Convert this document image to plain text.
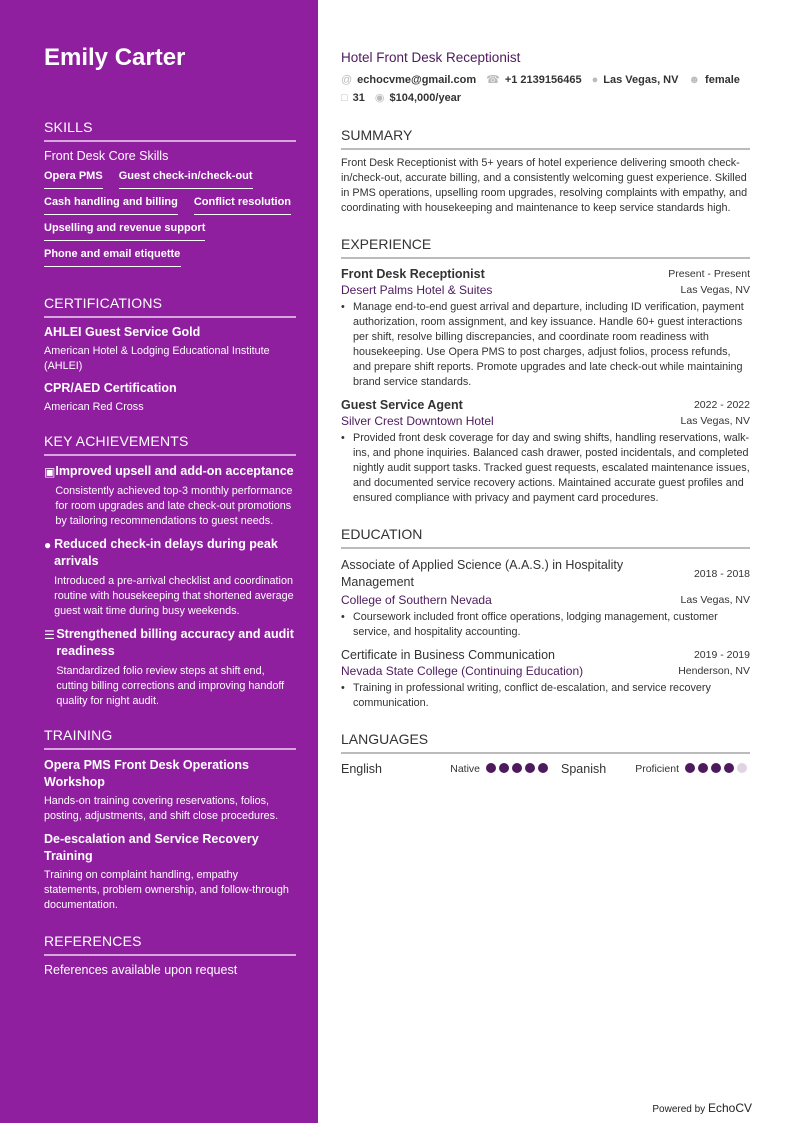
Emily Carter
SKILLS
Front Desk Core Skills
Opera PMS Guest check-in/check-out
Cash handling and billing Conflict resolution
Upselling and revenue support
Phone and email etiquette
CERTIFICATIONS
AHLEI Guest Service Gold
American Hotel & Lodging Educational Institute (AHLEI)
CPR/AED Certification
American Red Cross
KEY ACHIEVEMENTS
▣ Improved upsell and add-on acceptance
Consistently achieved top-3 monthly performance for room upgrades and late check-out promotions by tailoring recommendations to guest needs.
● Reduced check-in delays during peak arrivals
Introduced a pre-arrival checklist and coordination routine with housekeeping that shortened average guest wait time during busy weekends.
☰ Strengthened billing accuracy and audit readiness
Standardized folio review steps at shift end, cutting billing corrections and improving handoff quality for night audit.
TRAINING
Opera PMS Front Desk Operations Workshop
Hands-on training covering reservations, folios, posting, adjustments, and shift close procedures.
De-escalation and Service Recovery Training
Training on complaint handling, empathy statements, problem ownership, and follow-through documentation.
REFERENCES
References available upon request
Hotel Front Desk Receptionist
@ echocvme@gmail.com ☎ +1 2139156465 ● Las Vegas, NV ☻ female
□ 31 ◉ $104,000/year
SUMMARY
Front Desk Receptionist with 5+ years of hotel experience delivering smooth check-in/check-out, accurate billing, and a consistently welcoming guest experience. Skilled in PMS operations, upselling room upgrades, resolving complaints with empathy, and coordinating with housekeeping and maintenance to keep service standards high.
EXPERIENCE
Front Desk Receptionist	Present - Present
Desert Palms Hotel & Suites	Las Vegas, NV
• Manage end-to-end guest arrival and departure, including ID verification, payment authorization, room assignment, and key issuance. Handle 60+ guest interactions per shift, resolve billing discrepancies, and coordinate room readiness with housekeeping. Use Opera PMS to post charges, adjust folios, process refunds, and prepare shift reports. Promote upgrades and late check-out while maintaining brand service standards.
Guest Service Agent	2022 - 2022
Silver Crest Downtown Hotel	Las Vegas, NV
• Provided front desk coverage for day and swing shifts, handling reservations, walk-ins, and phone inquiries. Balanced cash drawer, posted incidentals, and completed nightly audit support tasks. Tracked guest requests, escalated maintenance issues, and documented service recovery actions. Maintained accurate guest profiles and ensured compliance with privacy and payment card procedures.
EDUCATION
Associate of Applied Science (A.A.S.) in Hospitality Management
2018 - 2018
College of Southern Nevada	Las Vegas, NV
• Coursework included front office operations, lodging management, customer service, and hospitality accounting.
Certificate in Business Communication	2019 - 2019
Nevada State College (Continuing Education)	Henderson, NV
• Training in professional writing, conflict de-escalation, and service recovery communication.
LANGUAGES
English	Native	Spanish	Proficient
Powered by EchoCV
